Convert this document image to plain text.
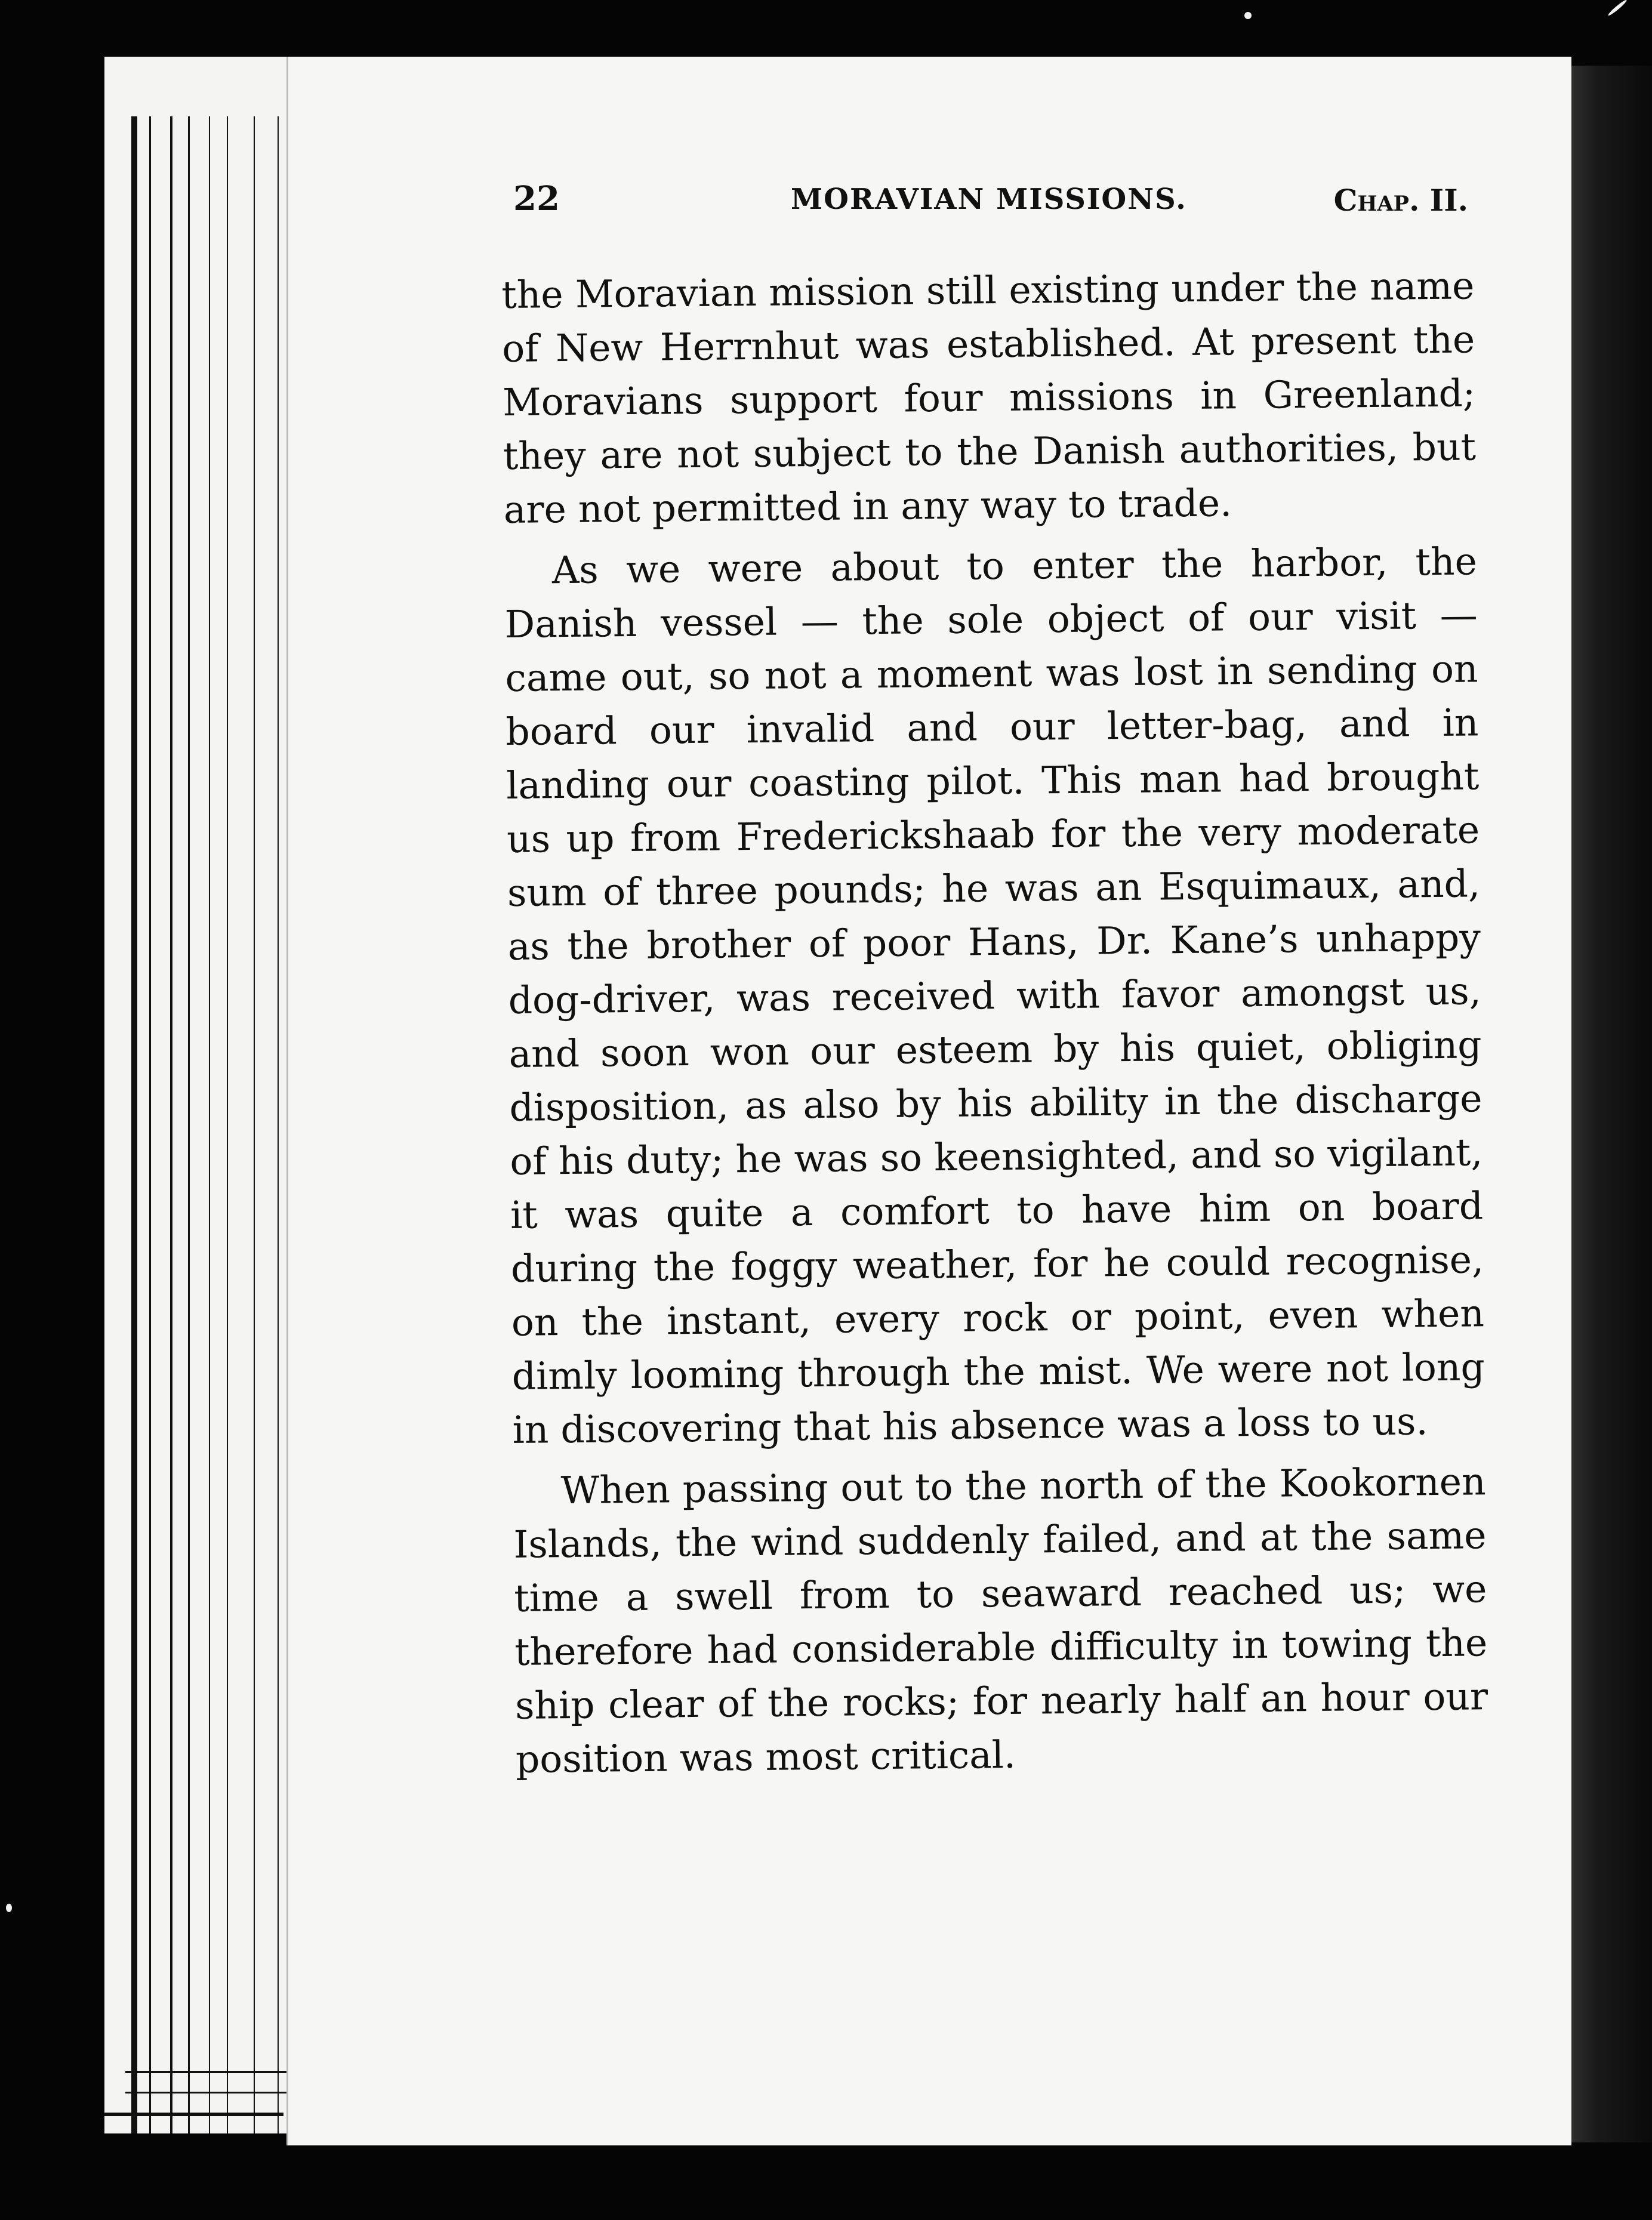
22	MORAVIAN MISSIONS.	Chap. II.

the Moravian mission still existing under the name of New Herrnhut was established. At present the Moravians support four missions in Greenland; they are not subject to the Danish authorities, but are not permitted in any way to trade.

As we were about to enter the harbor, the Danish vessel — the sole object of our visit — came out, so not a moment was lost in sending on board our invalid and our letter-bag, and in landing our coasting pilot. This man had brought us up from Frederickshaab for the very moderate sum of three pounds; he was an Esquimaux, and, as the brother of poor Hans, Dr. Kane’s unhappy dog-driver, was received with favor amongst us, and soon won our esteem by his quiet, obliging disposition, as also by his ability in the discharge of his duty; he was so keensighted, and so vigilant, it was quite a comfort to have him on board during the foggy weather, for he could recognise, on the instant, every rock or point, even when dimly looming through the mist. We were not long in discovering that his absence was a loss to us.

When passing out to the north of the Kookornen Islands, the wind suddenly failed, and at the same time a swell from to seaward reached us; we therefore had considerable difficulty in towing the ship clear of the rocks; for nearly half an hour our position was most critical.
